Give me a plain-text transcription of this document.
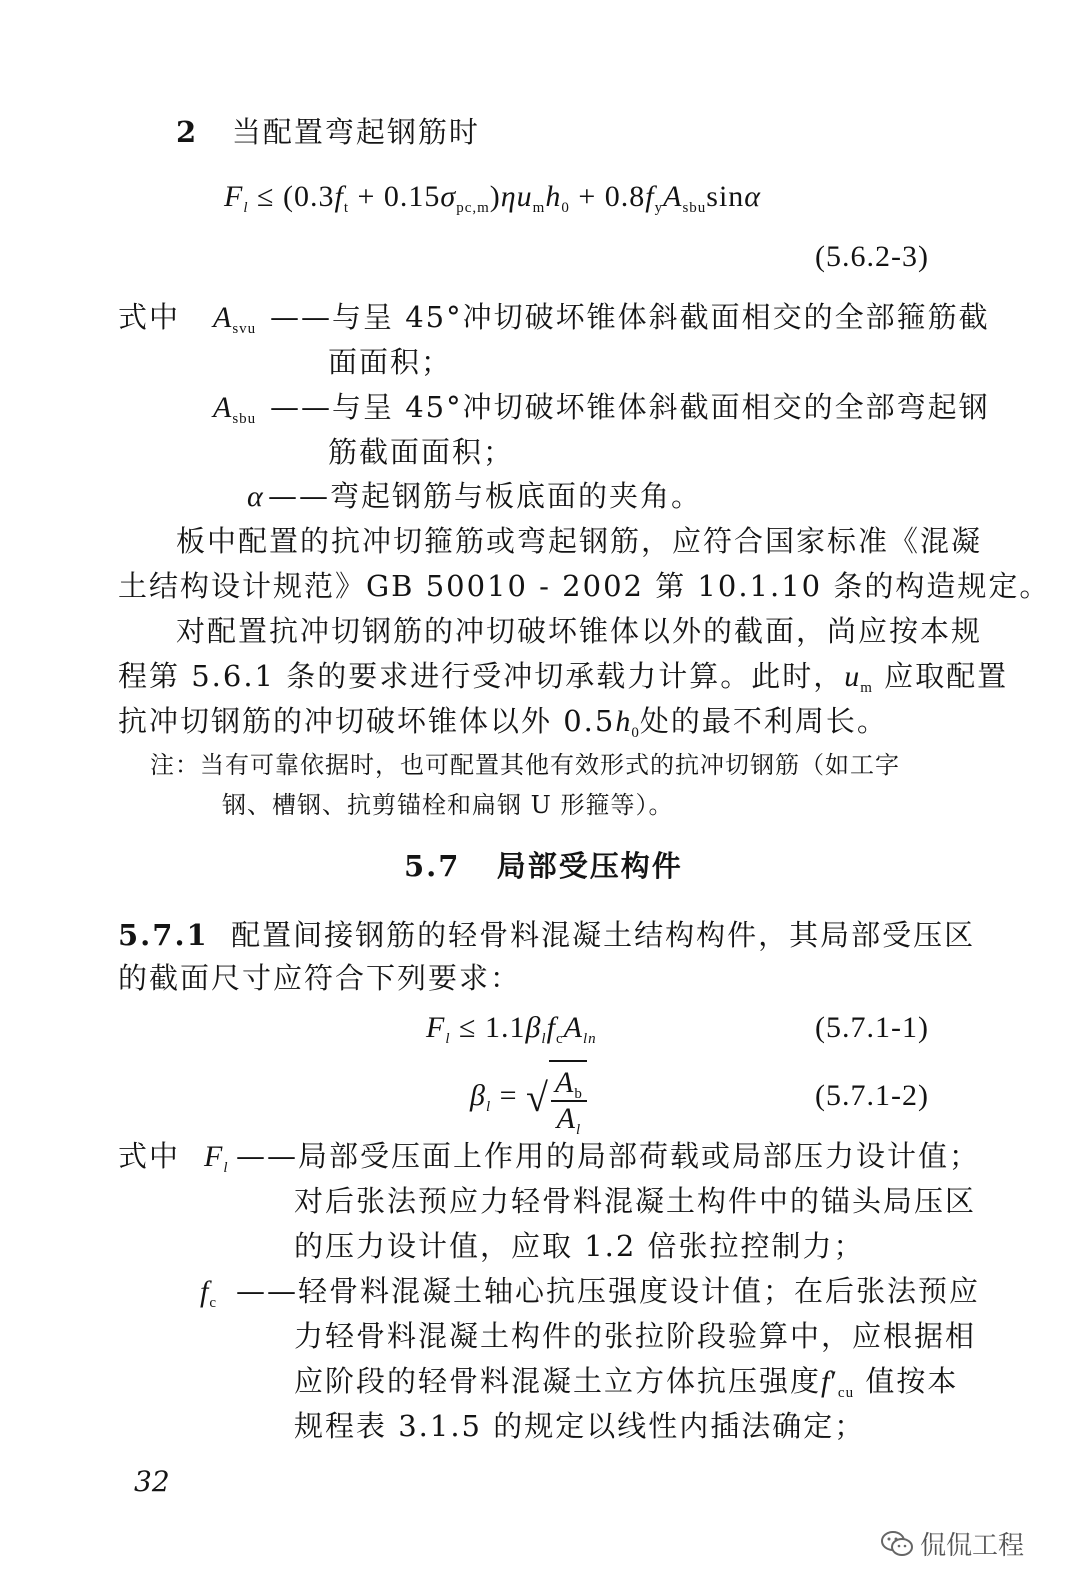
2 当配置弯起钢筋时
$F_l \le (0.3f_t + 0.15\sigma_{pc,m})\eta u_mh_0 + 0.8f_yA_{sbu}\sin\alpha$
(5.6.2-3)
式中 $A_{svu}$ ——与呈 45°冲切破坏锥体斜截面相交的全部箍筋截
面面积；
$A_{sbu}$ ——与呈 45°冲切破坏锥体斜截面相交的全部弯起钢
筋截面面积；
α ——弯起钢筋与板底面的夹角。
板中配置的抗冲切箍筋或弯起钢筋，应符合国家标准《混凝
土结构设计规范》GB 50010 - 2002 第 10.1.10 条的构造规定。
对配置抗冲切钢筋的冲切破坏锥体以外的截面，尚应按本规
程第 5.6.1 条的要求进行受冲切承载力计算。此时，$u_m$ 应取配置
抗冲切钢筋的冲切破坏锥体以外 $0.5h_0$处的最不利周长。
注：当有可靠依据时，也可配置其他有效形式的抗冲切钢筋（如工字
钢、槽钢、抗剪锚栓和扁钢 U 形箍等）。
5.7 局部受压构件
5.7.1 配置间接钢筋的轻骨料混凝土结构构件，其局部受压区
的截面尺寸应符合下列要求：
$F_l \le 1.1\beta_lf_cA_{ln}$	(5.7.1-1)
$\beta_l$ = √ $\frac{A_b}{A_l}$	(5.7.1-2)
式中 $F_l$ ——局部受压面上作用的局部荷载或局部压力设计值；
对后张法预应力轻骨料混凝土构件中的锚头局压区
的压力设计值，应取 1.2 倍张拉控制力；
$f_c$ ——轻骨料混凝土轴心抗压强度设计值；在后张法预应
力轻骨料混凝土构件的张拉阶段验算中，应根据相
应阶段的轻骨料混凝土立方体抗压强度$f'_{cu}$ 值按本
规程表 3.1.5 的规定以线性内插法确定；
32
侃侃工程
